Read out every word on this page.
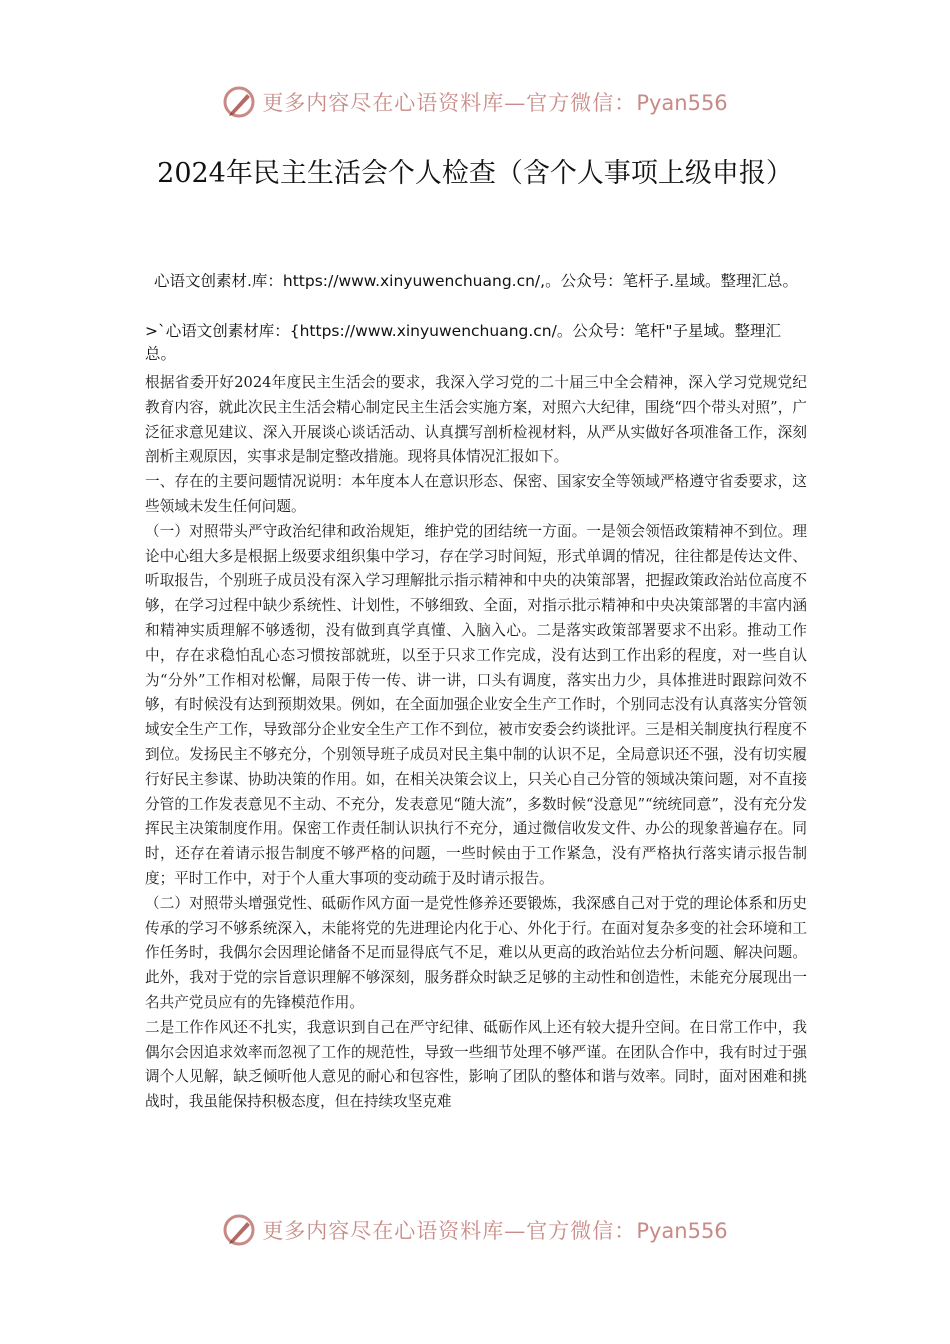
更多内容尽在心语资料库—官方微信：Pyan556
2024年民主生活会个人检查（含个人事项上级申报）

心语文创素材.库：https://www.xinyuwenchuang.cn/,。公众号：笔杆子.星域。整理汇总。

>`心语文创素材库：{https://www.xinyuwenchuang.cn/。公众号：笔杆"子星域。整理汇总。

根据省委开好2024年度民主生活会的要求，我深入学习党的二十届三中全会精神，深入学习党规党纪教育内容，就此次民主生活会精心制定民主生活会实施方案，对照六大纪律，围绕“四个带头对照”，广泛征求意见建议、深入开展谈心谈话活动、认真撰写剖析检视材料，从严从实做好各项准备工作，深刻剖析主观原因，实事求是制定整改措施。现将具体情况汇报如下。

一、存在的主要问题情况说明：本年度本人在意识形态、保密、国家安全等领域严格遵守省委要求，这些领域未发生任何问题。

（一）对照带头严守政治纪律和政治规矩，维护党的团结统一方面。一是领会领悟政策精神不到位。理论中心组大多是根据上级要求组织集中学习，存在学习时间短，形式单调的情况，往往都是传达文件、听取报告，个别班子成员没有深入学习理解批示指示精神和中央的决策部署，把握政策政治站位高度不够，在学习过程中缺少系统性、计划性，不够细致、全面，对指示批示精神和中央决策部署的丰富内涵和精神实质理解不够透彻，没有做到真学真懂、入脑入心。二是落实政策部署要求不出彩。推动工作中，存在求稳怕乱心态习惯按部就班，以至于只求工作完成，没有达到工作出彩的程度，对一些自认为“分外”工作相对松懈，局限于传一传、讲一讲，口头有调度，落实出力少，具体推进时跟踪问效不够，有时候没有达到预期效果。例如，在全面加强企业安全生产工作时，个别同志没有认真落实分管领域安全生产工作，导致部分企业安全生产工作不到位，被市安委会约谈批评。三是相关制度执行程度不到位。发扬民主不够充分，个别领导班子成员对民主集中制的认识不足，全局意识还不强，没有切实履行好民主参谋、协助决策的作用。如，在相关决策会议上，只关心自己分管的领域决策问题，对不直接分管的工作发表意见不主动、不充分，发表意见“随大流”，多数时候“没意见”“统统同意”，没有充分发挥民主决策制度作用。保密工作责任制认识执行不充分，通过微信收发文件、办公的现象普遍存在。同时，还存在着请示报告制度不够严格的问题，一些时候由于工作紧急，没有严格执行落实请示报告制度；平时工作中，对于个人重大事项的变动疏于及时请示报告。

（二）对照带头增强党性、砥砺作风方面一是党性修养还要锻炼，我深感自己对于党的理论体系和历史传承的学习不够系统深入，未能将党的先进理论内化于心、外化于行。在面对复杂多变的社会环境和工作任务时，我偶尔会因理论储备不足而显得底气不足，难以从更高的政治站位去分析问题、解决问题。此外，我对于党的宗旨意识理解不够深刻，服务群众时缺乏足够的主动性和创造性，未能充分展现出一名共产党员应有的先锋模范作用。

二是工作作风还不扎实，我意识到自己在严守纪律、砥砺作风上还有较大提升空间。在日常工作中，我偶尔会因追求效率而忽视了工作的规范性，导致一些细节处理不够严谨。在团队合作中，我有时过于强调个人见解，缺乏倾听他人意见的耐心和包容性，影响了团队的整体和谐与效率。同时，面对困难和挑战时，我虽能保持积极态度，但在持续攻坚克难

更多内容尽在心语资料库—官方微信：Pyan556
